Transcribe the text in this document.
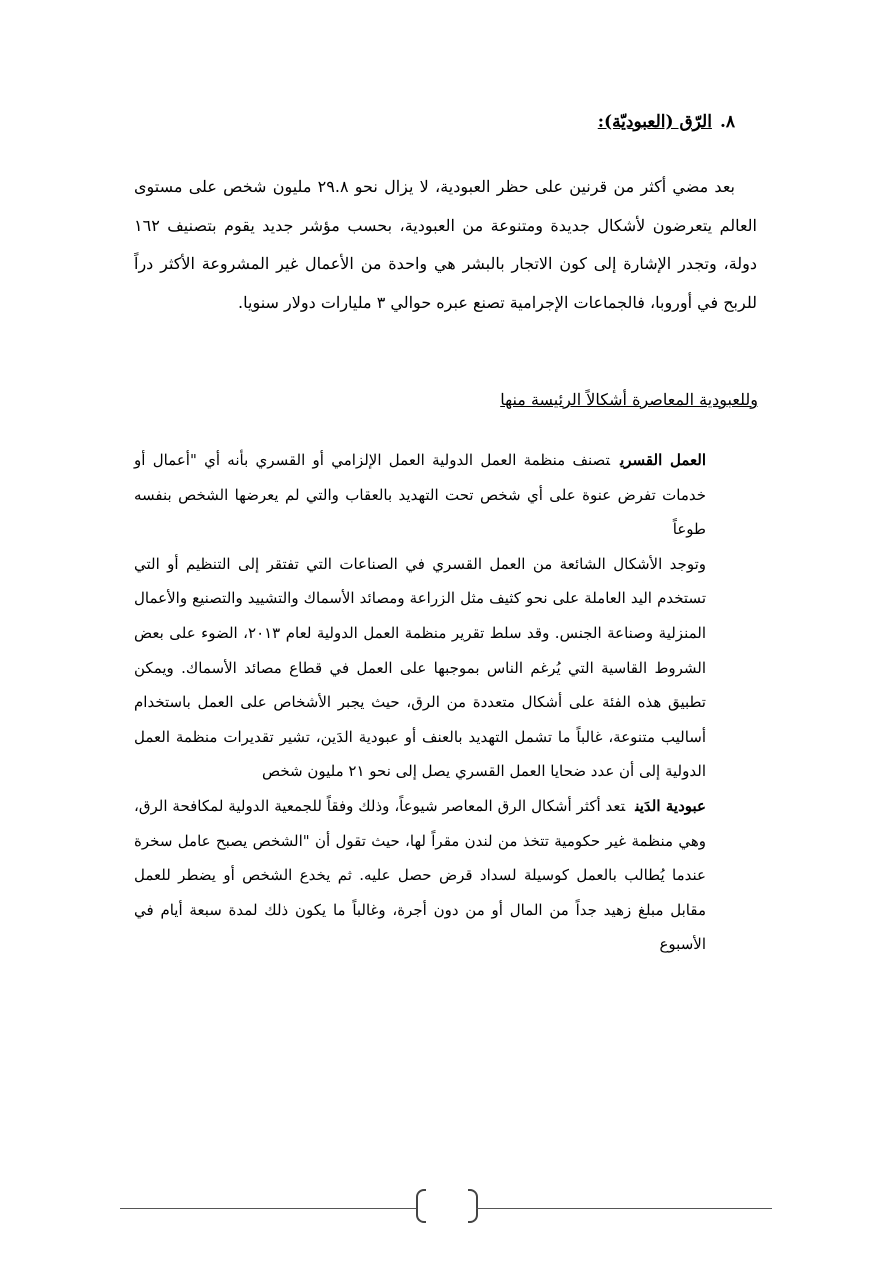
٨.الرّق (العبوديّة):

بعد مضي أكثر من قرنين على حظر العبودية، لا يزال نحو ٢٩.٨ مليون شخص على مستوى العالم يتعرضون لأشكال جديدة ومتنوعة من العبودية، بحسب مؤشر جديد يقوم بتصنيف ١٦٢ دولة، وتجدر الإشارة إلى كون الاتجار بالبشر هي واحدة من الأعمال غير المشروعة الأكثر دراً للربح في أوروبا، فالجماعات الإجرامية تصنع عبره حوالي ٣ مليارات دولار سنويا.

وللعبودية المعاصرة أشكالاً الرئيسة منها

العمل القسريتصنف منظمة العمل الدولية العمل الإلزامي أو القسري بأنه أي "أعمال أو خدمات تفرض عنوة على أي شخص تحت التهديد بالعقاب والتي لم يعرضها الشخص بنفسه طوعاً

وتوجد الأشكال الشائعة من العمل القسري في الصناعات التي تفتقر إلى التنظيم أو التي تستخدم اليد العاملة على نحو كثيف مثل الزراعة ومصائد الأسماك والتشييد والتصنيع والأعمال المنزلية وصناعة الجنس. وقد سلط تقرير منظمة العمل الدولية لعام ٢٠١٣، الضوء على بعض الشروط القاسية التي يُرغم الناس بموجبها على العمل في قطاع مصائد الأسماك. ويمكن تطبيق هذه الفئة على أشكال متعددة من الرق، حيث يجبر الأشخاص على العمل باستخدام أساليب متنوعة، غالباً ما تشمل التهديد بالعنف أو عبودية الدَين، تشير تقديرات منظمة العمل الدولية إلى أن عدد ضحايا العمل القسري يصل إلى نحو ٢١ مليون شخص

عبودية الدَينتعد أكثر أشكال الرق المعاصر شيوعاً، وذلك وفقاً للجمعية الدولية لمكافحة الرق، وهي منظمة غير حكومية تتخذ من لندن مقراً لها، حيث تقول أن "الشخص يصبح عامل سخرة عندما يُطالب بالعمل كوسيلة لسداد قرض حصل عليه. ثم يخدع الشخص أو يضطر للعمل مقابل مبلغ زهيد جداً من المال أو من دون أجرة، وغالباً ما يكون ذلك لمدة سبعة أيام في الأسبوع
